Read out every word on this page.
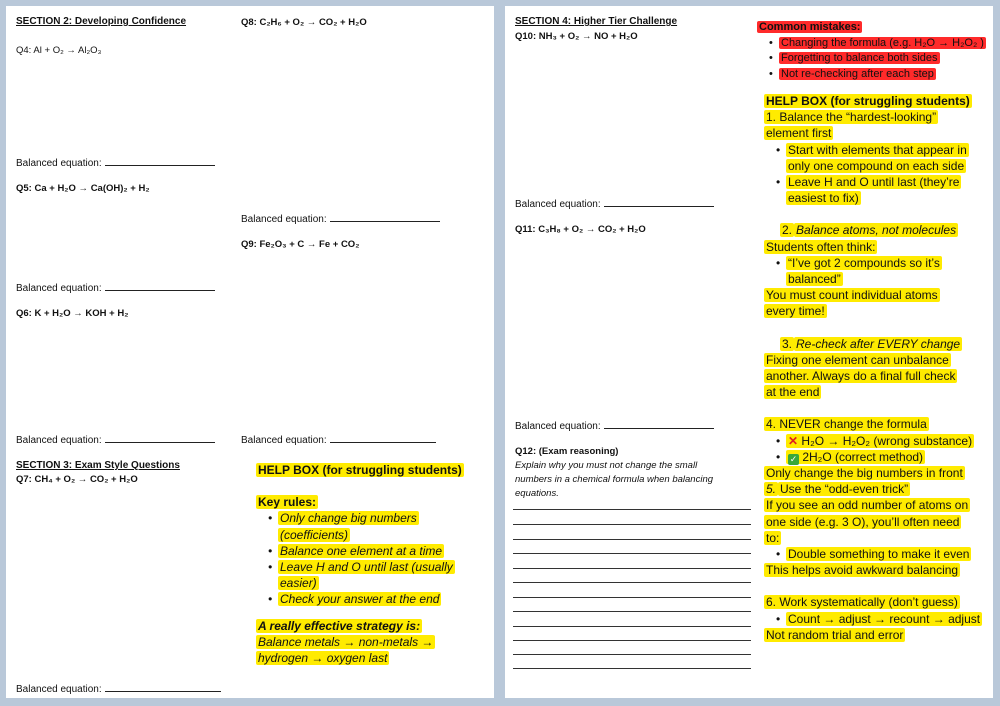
SECTION 2: Developing Confidence
Q4: Al + O₂ → Al₂O₃
Balanced equation:
Q5: Ca + H₂O → Ca(OH)₂ + H₂
Balanced equation:
Q6: K + H₂O → KOH + H₂
Balanced equation:
SECTION 3: Exam Style Questions
Q7: CH₄ + O₂ → CO₂ + H₂O
Q8: C₂H₆ + O₂ → CO₂ + H₂O
Balanced equation:
Q9: Fe₂O₃ + C → Fe + CO₂
Balanced equation:
HELP BOX (for struggling students)
Key rules:
• Only change big numbers
(coefficients)
• Balance one element at a time
• Leave H and O until last (usually
easier)
• Check your answer at the end
A really effective strategy is:
Balance metals → non-metals →
hydrogen → oxygen last
Balanced equation:
SECTION 4: Higher Tier Challenge
Q10: NH₃ + O₂ → NO + H₂O
Balanced equation:
Q11: C₃H₈ + O₂ → CO₂ + H₂O
Balanced equation:
Q12: (Exam reasoning)
Explain why you must not change the small
numbers in a chemical formula when balancing
equations.
Common mistakes:
• Changing the formula (e.g. H₂O → H₂O₂ )
• Forgetting to balance both sides
• Not re-checking after each step
HELP BOX (for struggling students)
1. Balance the “hardest-looking”
element first
• Start with elements that appear in
only one compound on each side
• Leave H and O until last (they’re
easiest to fix)
2. Balance atoms, not molecules
Students often think:
• “I’ve got 2 compounds so it’s
balanced”
You must count individual atoms
every time!
3. Re-check after EVERY change
Fixing one element can unbalance
another. Always do a final full check
at the end
4. NEVER change the formula
• ✕ H₂O → H₂O₂ (wrong substance)
• ✓ 2H₂O (correct method)
Only change the big numbers in front
5. Use the “odd-even trick”
If you see an odd number of atoms on
one side (e.g. 3 O), you’ll often need
to:
• Double something to make it even
This helps avoid awkward balancing
6. Work systematically (don’t guess)
• Count → adjust → recount → adjust
Not random trial and error
